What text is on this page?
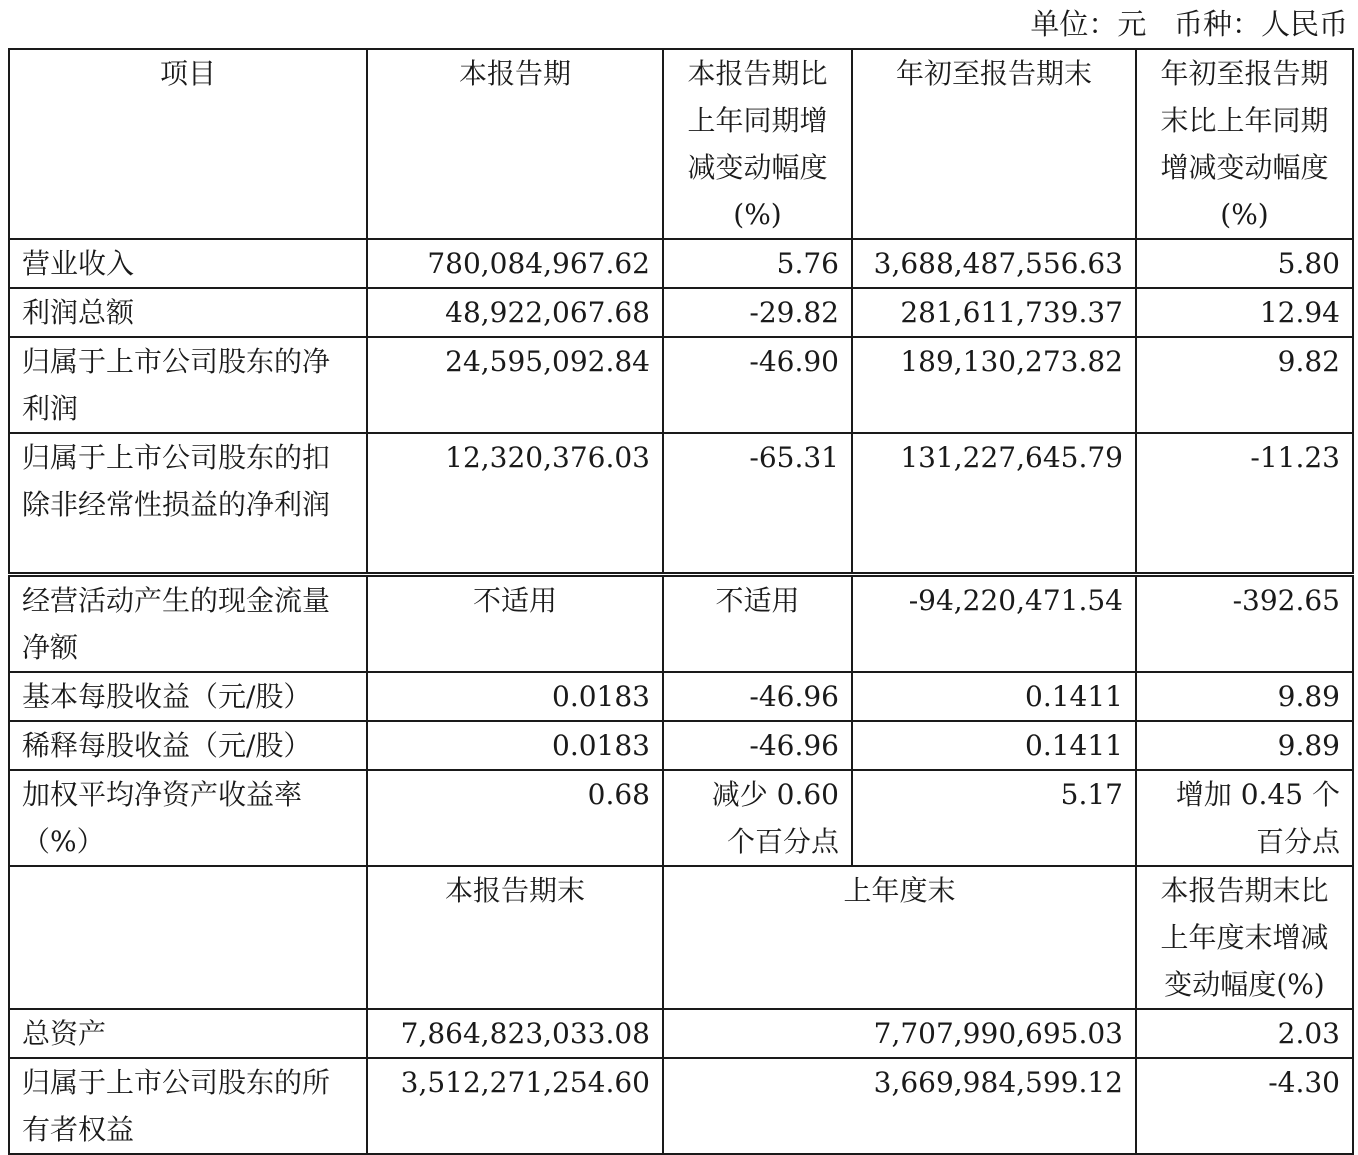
单位：元   币种：人民币
项目	本报告期	本报告期比上年同期增减变动幅度(%)	年初至报告期末	年初至报告期末比上年同期增减变动幅度(%)
营业收入	780,084,967.62	5.76	3,688,487,556.63	5.80
利润总额	48,922,067.68	-29.82	281,611,739.37	12.94
归属于上市公司股东的净利润	24,595,092.84	-46.90	189,130,273.82	9.82
归属于上市公司股东的扣除非经常性损益的净利润	12,320,376.03	-65.31	131,227,645.79	-11.23
经营活动产生的现金流量净额	不适用	不适用	-94,220,471.54	-392.65
基本每股收益（元/股）	0.0183	-46.96	0.1411	9.89
稀释每股收益（元/股）	0.0183	-46.96	0.1411	9.89
加权平均净资产收益率（%）	0.68	减少 0.60 个百分点	5.17	增加 0.45 个百分点
	本报告期末	上年度末		本报告期末比上年度末增减变动幅度(%)
总资产	7,864,823,033.08	7,707,990,695.03		2.03
归属于上市公司股东的所有者权益	3,512,271,254.60	3,669,984,599.12		-4.30
